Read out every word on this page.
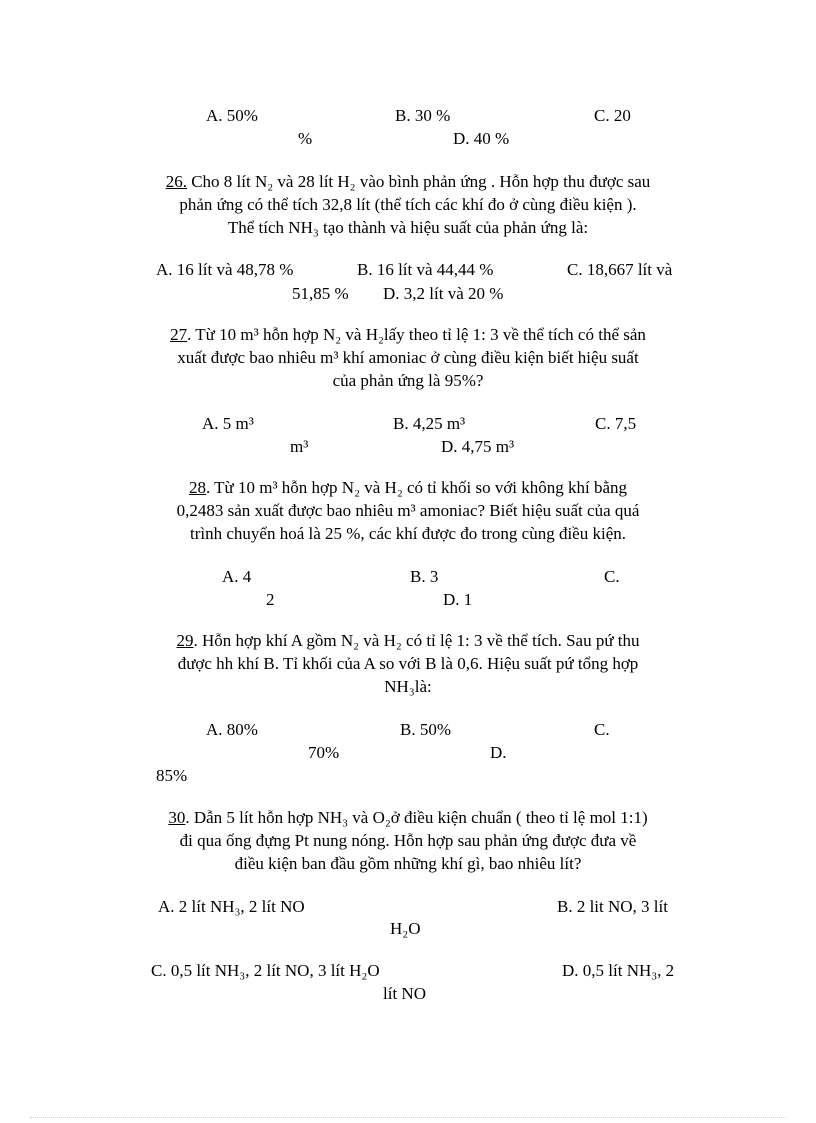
A. 50%	B. 30 %	C. 20
%	D. 40 %
26. Cho 8 lít N₂ và 28 lít H₂ vào bình phản ứng . Hỗn hợp thu được sau
phản ứng có thể tích 32,8 lít (thể tích các khí đo ở cùng điều kiện ).
Thể tích NH₃ tạo thành và hiệu suất của phản ứng là:
A. 16 lít và 48,78 %	B. 16 lít và 44,44 %	C. 18,667 lít và
51,85 % D. 3,2 lít và 20 %
27. Từ 10 m³ hỗn hợp N₂ và H₂lấy theo tỉ lệ 1: 3 về thể tích có thể sản
xuất được bao nhiêu m³ khí amoniac ở cùng điều kiện biết hiệu suất
của phản ứng là 95%?
A. 5 m³	B. 4,25 m³	C. 7,5
m³	D. 4,75 m³
28. Từ 10 m³ hỗn hợp N₂ và H₂ có tỉ khối so với không khí bằng
0,2483 sản xuất được bao nhiêu m³ amoniac? Biết hiệu suất của quá
trình chuyển hoá là 25 %, các khí được đo trong cùng điều kiện.
A. 4	B. 3	C.
2	D. 1
29. Hỗn hợp khí A gồm N₂ và H₂ có tỉ lệ 1: 3 về thể tích. Sau pứ thu
được hh khí B. Tỉ khối của A so với B là 0,6. Hiệu suất pứ tổng hợp
NH₃là:
A. 80%	B. 50%	C.
70%	D.
85%
30. Dẫn 5 lít hỗn hợp NH₃ và O₂ở điều kiện chuẩn ( theo tỉ lệ mol 1:1)
đi qua ống đựng Pt nung nóng. Hỗn hợp sau phản ứng được đưa về
điều kiện ban đầu gồm những khí gì, bao nhiêu lít?
A. 2 lít NH₃, 2 lít NO	B. 2 lit NO, 3 lít
H₂O
C. 0,5 lít NH₃, 2 lít NO, 3 lít H₂O	D. 0,5 lít NH₃, 2
lít NO
